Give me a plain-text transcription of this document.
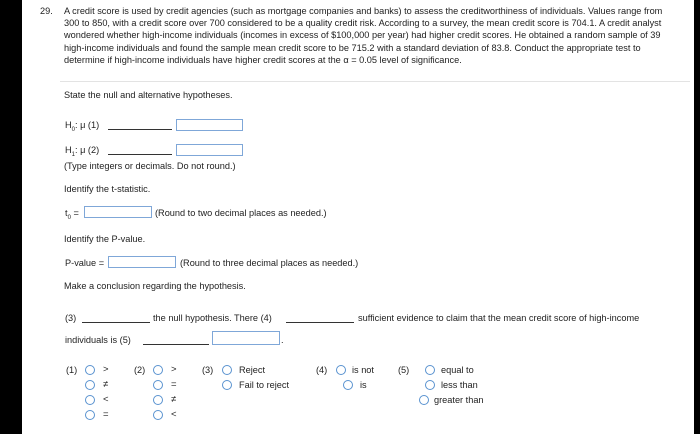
29. A credit score is used by credit agencies (such as mortgage companies and banks) to assess the creditworthiness of individuals. Values range from 300 to 850, with a credit score over 700 considered to be a quality credit risk. According to a survey, the mean credit score is 704.1. A credit analyst wondered whether high-income individuals (incomes in excess of $100,000 per year) had higher credit scores. He obtained a random sample of 39 high-income individuals and found the sample mean credit score to be 715.2 with a standard deviation of 83.8. Conduct the appropriate test to determine if high-income individuals have higher credit scores at the α = 0.05 level of significance.
State the null and alternative hypotheses.
$H_0$: μ (1)
$H_1$: μ (2)
(Type integers or decimals. Do not round.)
Identify the t-statistic.
$t_0$ =	(Round to two decimal places as needed.)
Identify the P-value.
P-value =	(Round to three decimal places as needed.)
Make a conclusion regarding the hypothesis.
(3)	the null hypothesis. There (4)	sufficient evidence to claim that the mean credit score of high-income
individuals is (5)	.
(1)	>
≠
<
=
(2)	>
=
≠
<
(3)	Reject
Fail to reject
(4)	is not
is
(5)	equal to
less than
greater than
